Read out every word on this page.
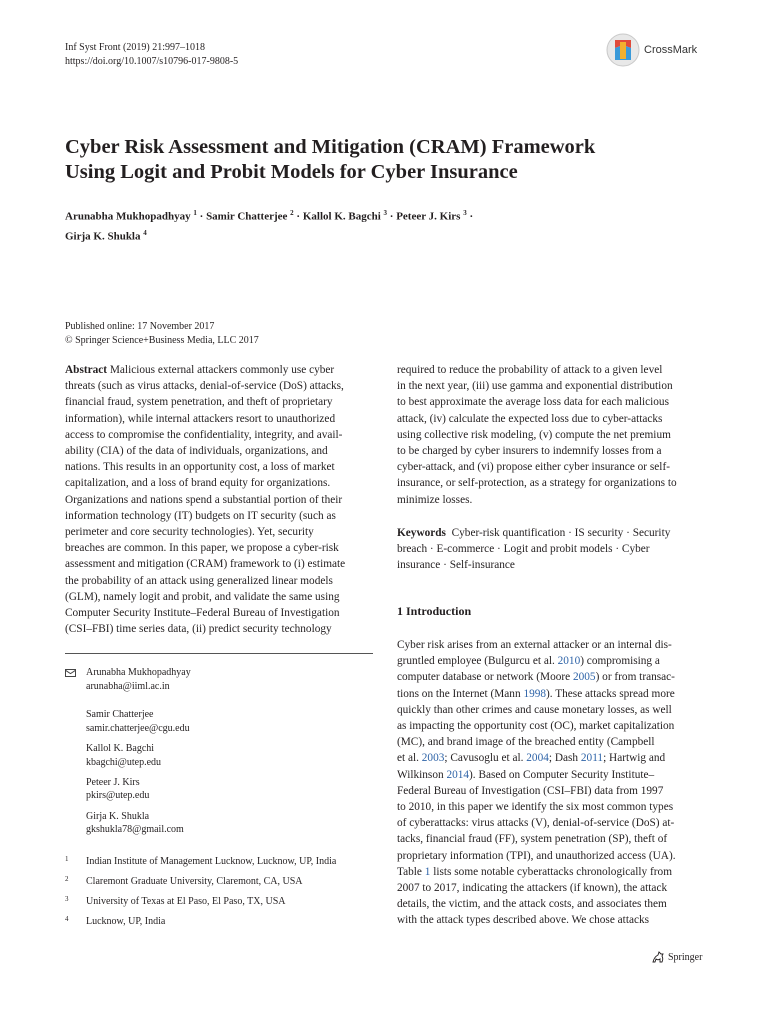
Inf Syst Front (2019) 21:997–1018
https://doi.org/10.1007/s10796-017-9808-5
CrossMark
Cyber Risk Assessment and Mitigation (CRAM) Framework
Using Logit and Probit Models for Cyber Insurance
Arunabha Mukhopadhyay $^1$ · Samir Chatterjee $^2$ · Kallol K. Bagchi $^3$ · Peteer J. Kirs $^3$ ·
Girja K. Shukla $^4$
Published online: 17 November 2017
© Springer Science+Business Media, LLC 2017

Abstract Malicious external attackers commonly use cyber

threats (such as virus attacks, denial-of-service (DoS) attacks,

financial fraud, system penetration, and theft of proprietary

information), while internal attackers resort to unauthorized

access to compromise the confidentiality, integrity, and avail-

ability (CIA) of the data of individuals, organizations, and

nations. This results in an opportunity cost, a loss of market

capitalization, and a loss of brand equity for organizations.

Organizations and nations spend a substantial portion of their

information technology (IT) budgets on IT security (such as

perimeter and core security technologies). Yet, security

breaches are common. In this paper, we propose a cyber-risk

assessment and mitigation (CRAM) framework to (i) estimate

the probability of an attack using generalized linear models

(GLM), namely logit and probit, and validate the same using

Computer Security Institute–Federal Bureau of Investigation

(CSI–FBI) time series data, (ii) predict security technology

Arunabha Mukhopadhyay
arunabha@iiml.ac.in
Samir Chatterjee
samir.chatterjee@cgu.edu
Kallol K. Bagchi
kbagchi@utep.edu
Peteer J. Kirs
pkirs@utep.edu
Girja K. Shukla
gkshukla78@gmail.com
1 Indian Institute of Management Lucknow, Lucknow, UP, India
2 Claremont Graduate University, Claremont, CA, USA
3 University of Texas at El Paso, El Paso, TX, USA
4 Lucknow, UP, India

required to reduce the probability of attack to a given level

in the next year, (iii) use gamma and exponential distribution

to best approximate the average loss data for each malicious

attack, (iv) calculate the expected loss due to cyber-attacks

using collective risk modeling, (v) compute the net premium

to be charged by cyber insurers to indemnify losses from a

cyber-attack, and (vi) propose either cyber insurance or self-

insurance, or self-protection, as a strategy for organizations to

minimize losses.

Keywords Cyber-risk quantification · IS security · Security

breach · E-commerce · Logit and probit models · Cyber

insurance · Self-insurance

1 Introduction

Cyber risk arises from an external attacker or an internal dis-

gruntled employee (Bulgurcu et al. 2010) compromising a

computer database or network (Moore 2005) or from transac-

tions on the Internet (Mann 1998). These attacks spread more

quickly than other crimes and cause monetary losses, as well

as impacting the opportunity cost (OC), market capitalization

(MC), and brand image of the breached entity (Campbell

et al. 2003; Cavusoglu et al. 2004; Dash 2011; Hartwig and

Wilkinson 2014). Based on Computer Security Institute–

Federal Bureau of Investigation (CSI–FBI) data from 1997

to 2010, in this paper we identify the six most common types

of cyberattacks: virus attacks (V), denial-of-service (DoS) at-

tacks, financial fraud (FF), system penetration (SP), theft of

proprietary information (TPI), and unauthorized access (UA).

Table 1 lists some notable cyberattacks chronologically from

2007 to 2017, indicating the attackers (if known), the attack

details, the victim, and the attack costs, and associates them

with the attack types described above. We chose attacks

Springer
